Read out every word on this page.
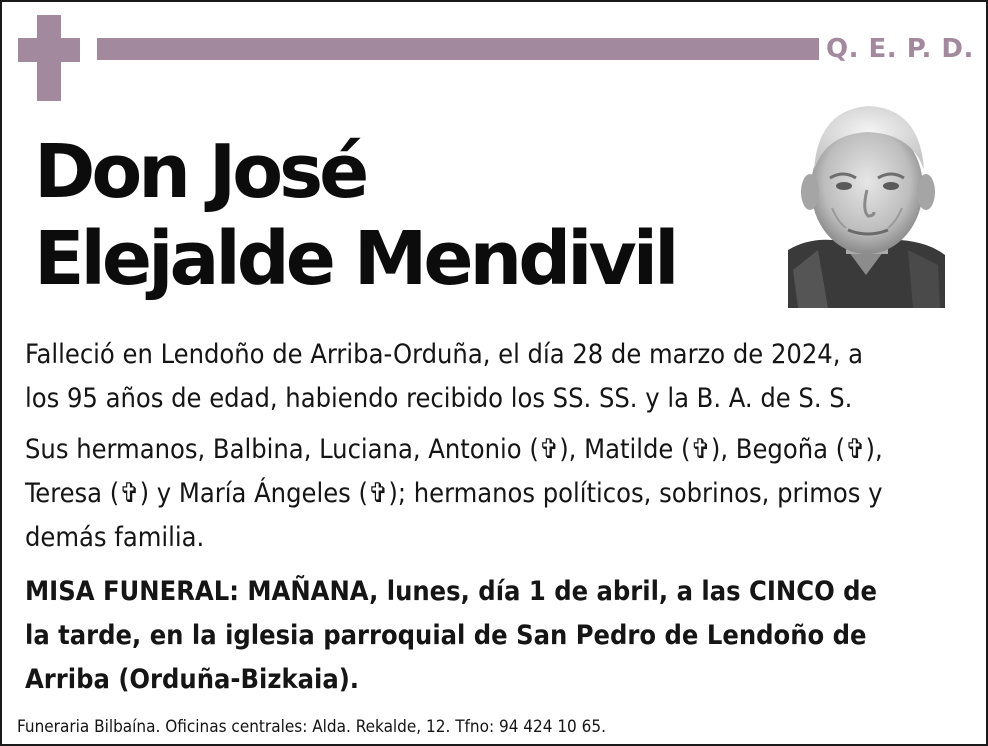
Q. E. P. D.
Don José
Elejalde Mendivil
Falleció en Lendoño de Arriba-Orduña, el día 28 de marzo de 2024, a
los 95 años de edad, habiendo recibido los SS. SS. y la B. A. de S. S.
Sus hermanos, Balbina, Luciana, Antonio (✞), Matilde (✞), Begoña (✞),
Teresa (✞) y María Ángeles (✞); hermanos políticos, sobrinos, primos y
demás familia.
MISA FUNERAL: MAÑANA, lunes, día 1 de abril, a las CINCO de
la tarde, en la iglesia parroquial de San Pedro de Lendoño de
Arriba (Orduña-Bizkaia).
Funeraria Bilbaína. Oficinas centrales: Alda. Rekalde, 12. Tfno: 94 424 10 65.
